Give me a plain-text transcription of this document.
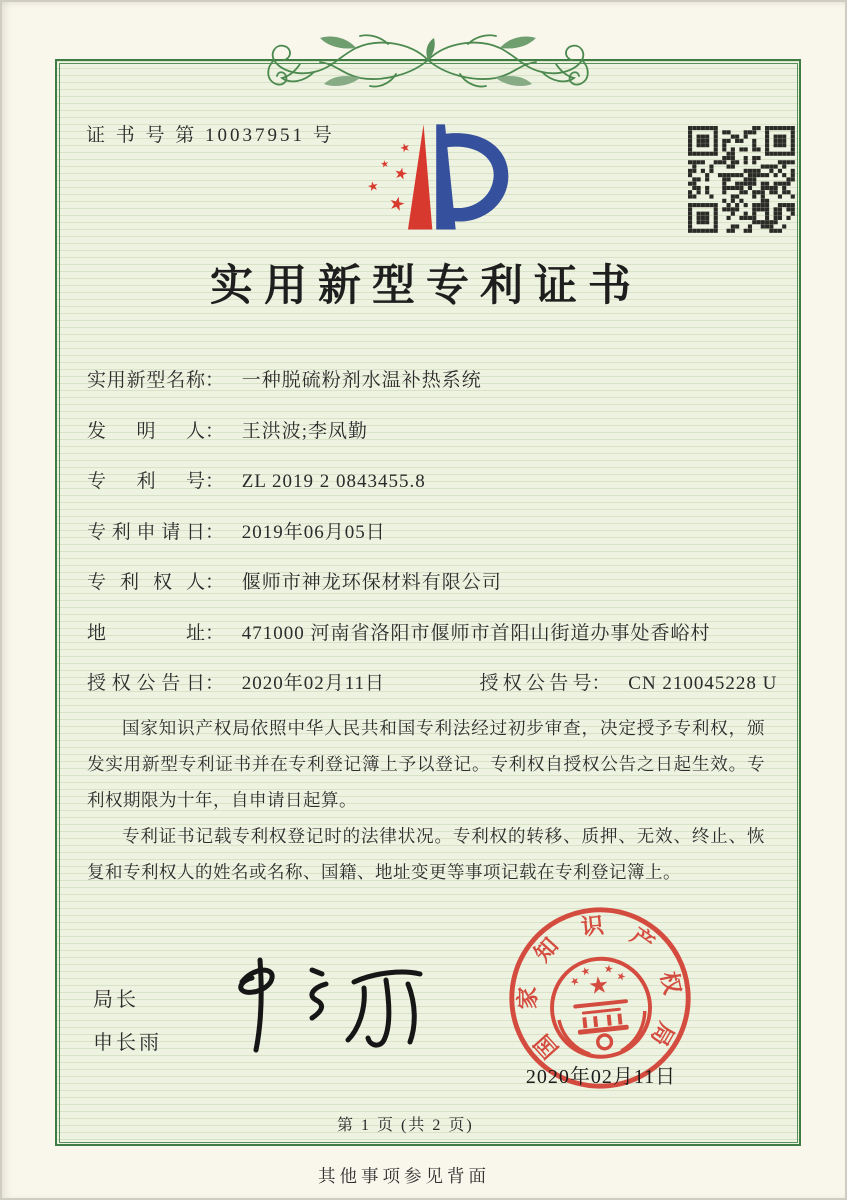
证 书 号 第 10037951 号
★
★ ★
★
★
实用新型专利证书
实用新型名称： 一种脱硫粉剂水温补热系统
发明人： 王洪波;李凤勤
专利号： ZL 2019 2 0843455.8
专利申请日： 2019年06月05日
专利权人： 偃师市神龙环保材料有限公司
地址： 471000 河南省洛阳市偃师市首阳山街道办事处香峪村
授权公告日： 2020年02月11日	授权公告号： CN 210045228 U

国家知识产权局依照中华人民共和国专利法经过初步审查，决定授予专利权，颁发实用新型专利证书并在专利登记簿上予以登记。专利权自授权公告之日起生效。专利权期限为十年，自申请日起算。

专利证书记载专利权登记时的法律状况。专利权的转移、质押、无效、终止、恢复和专利权人的姓名或名称、国籍、地址变更等事项记载在专利登记簿上。

局长
申长雨	国
家
知
识 产
权
局
★
★
★ ★
★
2020年02月11日
第 1 页 (共 2 页)
其他事项参见背面
